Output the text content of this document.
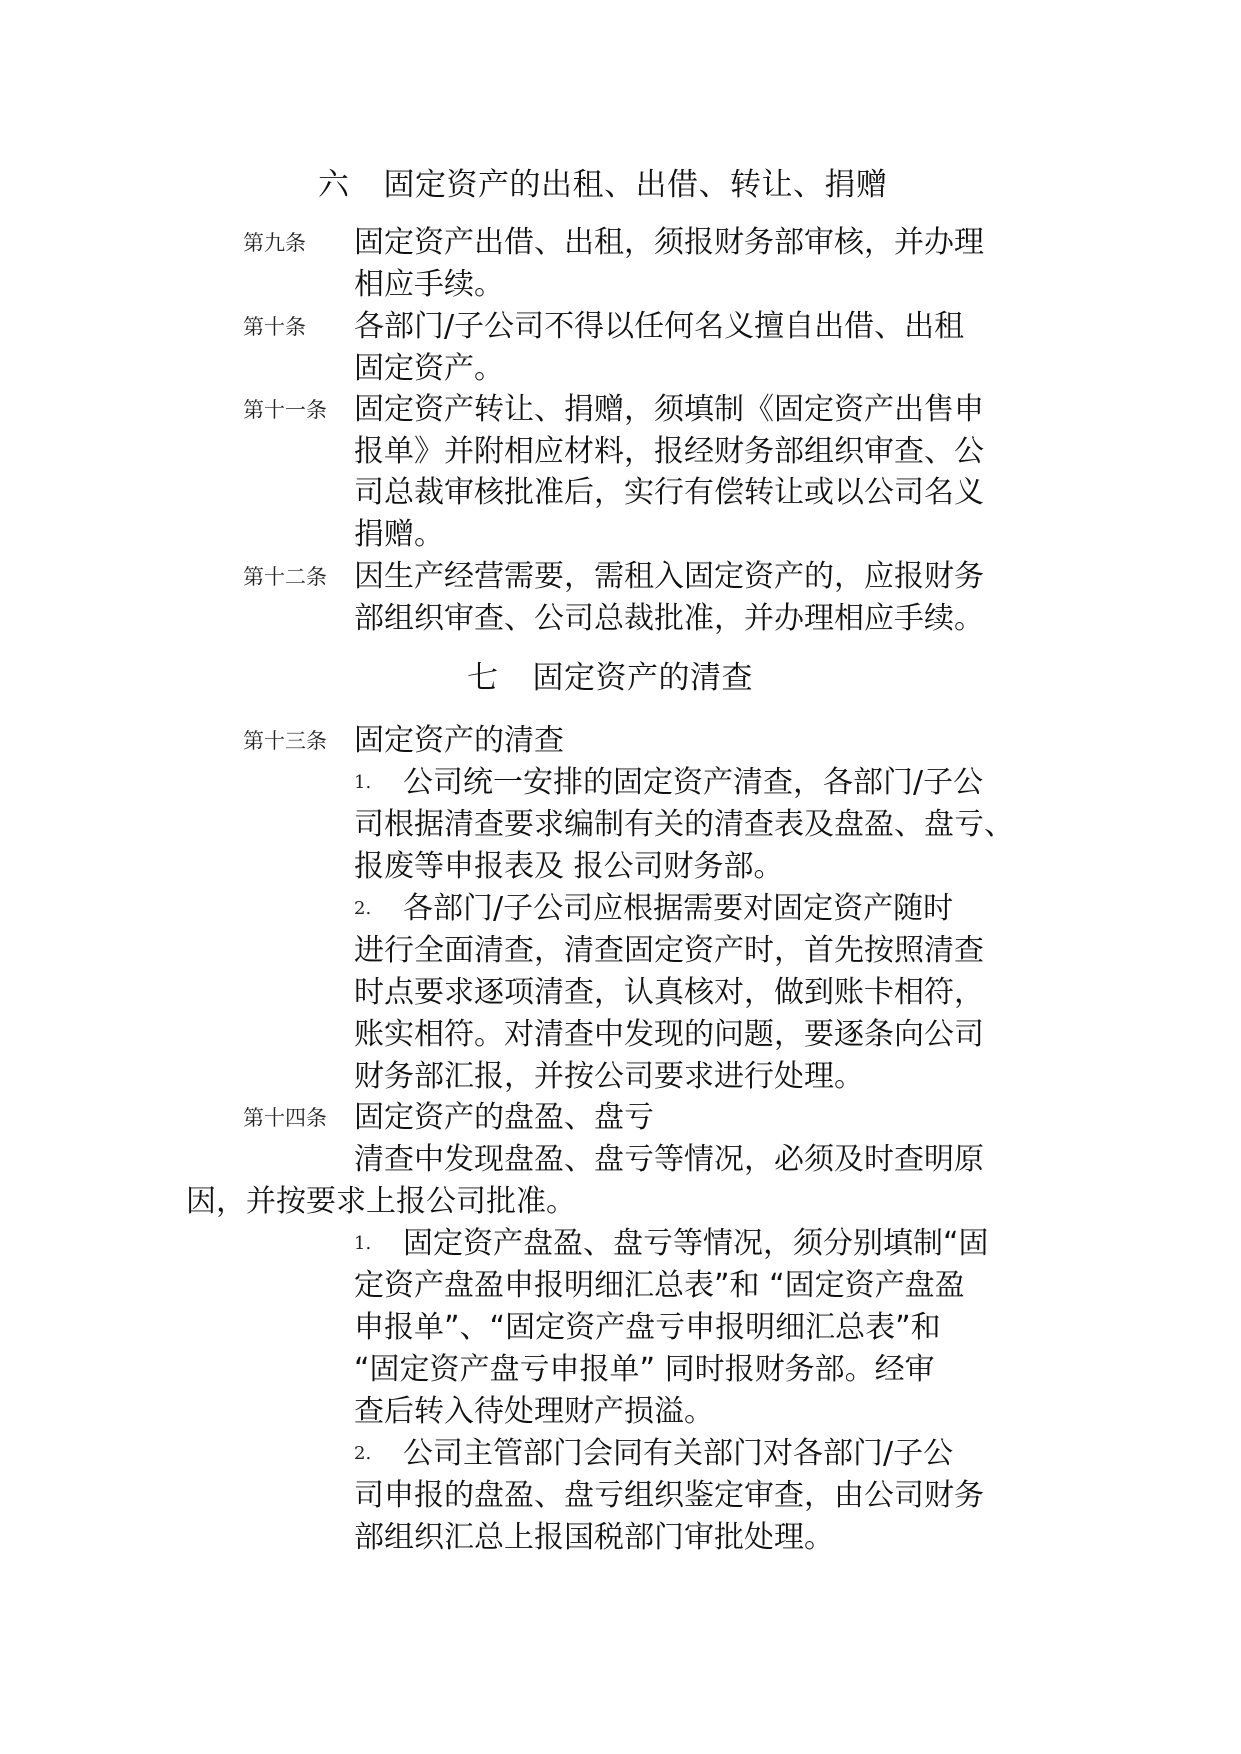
六 固定资产的出租、出借、转让、捐赠
第九条 固定资产出借、出租，须报财务部审核，并办理
相应手续。
第十条 各部门/子公司不得以任何名义擅自出借、出租
固定资产。
第十一条 固定资产转让、捐赠，须填制《固定资产出售申
报单》并附相应材料，报经财务部组织审查、公
司总裁审核批准后，实行有偿转让或以公司名义
捐赠。
第十二条 因生产经营需要，需租入固定资产的，应报财务
部组织审查、公司总裁批准，并办理相应手续。
七 固定资产的清查
第十三条 固定资产的清查
1. 公司统一安排的固定资产清查，各部门/子公
司根据清查要求编制有关的清查表及盘盈、盘亏、
报废等申报表及 报公司财务部。
2. 各部门/子公司应根据需要对固定资产随时
进行全面清查，清查固定资产时，首先按照清查
时点要求逐项清查，认真核对，做到账卡相符，
账实相符。对清查中发现的问题，要逐条向公司
财务部汇报，并按公司要求进行处理。
第十四条 固定资产的盘盈、盘亏
清查中发现盘盈、盘亏等情况，必须及时查明原
因，并按要求上报公司批准。
1. 固定资产盘盈、盘亏等情况，须分别填制“固
定资产盘盈申报明细汇总表”和 “固定资产盘盈
申报单”、“固定资产盘亏申报明细汇总表”和
“固定资产盘亏申报单” 同时报财务部。经审
查后转入待处理财产损溢。
2. 公司主管部门会同有关部门对各部门/子公
司申报的盘盈、盘亏组织鉴定审查，由公司财务
部组织汇总上报国税部门审批处理。
